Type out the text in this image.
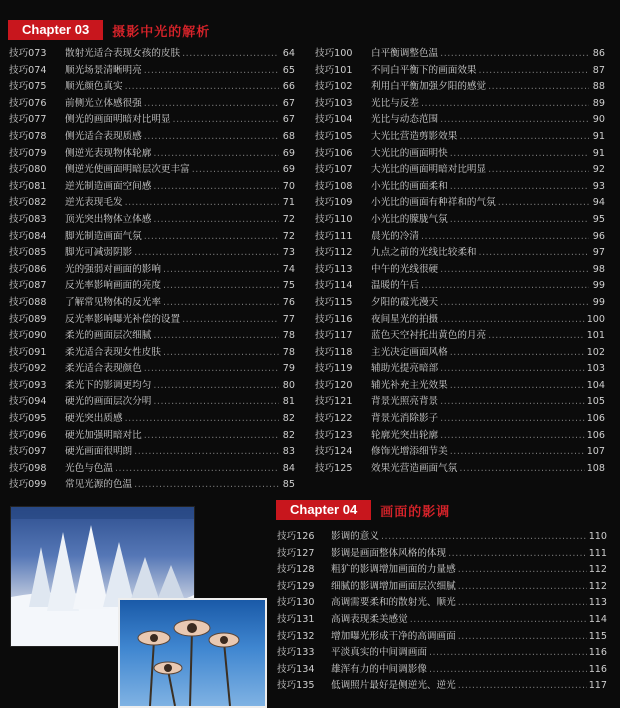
Chapter 03	摄影中光的解析
技巧073	散射光适合表现女孩的皮肤 .....	64
技巧074	顺光场景清晰明亮 .....	65
技巧075	顺光颜色真实 .....	66
技巧076	前侧光立体感很强 .....	67
技巧077	侧光的画面明暗对比明显 .....	67
技巧078	侧光适合表现质感 .....	68
技巧079	侧逆光表现物体轮廓 .....	69
技巧080	侧逆光使画面明暗层次更丰富 .....	69
技巧081	逆光制造画面空间感 .....	70
技巧082	逆光表现毛发 .....	71
技巧083	顶光突出物体立体感 .....	72
技巧084	脚光制造画面气氛 .....	72
技巧085	脚光可减弱阴影 .....	73
技巧086	光的强弱对画面的影响 .....	74
技巧087	反光率影响画面的亮度 .....	75
技巧088	了解常见物体的反光率 .....	76
技巧089	反光率影响曝光补偿的设置 .....	77
技巧090	柔光的画面层次细腻 .....	78
技巧091	柔光适合表现女性皮肤 .....	78
技巧092	柔光适合表现颜色 .....	79
技巧093	柔光下的影调更均匀 .....	80
技巧094	硬光的画面层次分明 .....	81
技巧095	硬光突出质感 .....	82
技巧096	硬光加强明暗对比 .....	82
技巧097	硬光画面很明朗 .....	83
技巧098	光色与色温 .....	84
技巧099	常见光源的色温 .....	85
技巧100	白平衡调整色温 .....	86
技巧101	不同白平衡下的画面效果 .....	87
技巧102	利用白平衡加强夕阳的感觉 .....	88
技巧103	光比与反差 .....	89
技巧104	光比与动态范围 .....	90
技巧105	大光比营造剪影效果 .....	91
技巧106	大光比的画面明快 .....	91
技巧107	大光比的画面明暗对比明显 .....	92
技巧108	小光比的画面柔和 .....	93
技巧109	小光比的画面有种祥和的气氛 .....	94
技巧110	小光比的朦胧气氛 .....	95
技巧111	晨光的冷清 .....	96
技巧112	九点之前的光线比较柔和 .....	97
技巧113	中午的光线很硬 .....	98
技巧114	温暖的午后 .....	99
技巧115	夕阳的霞光漫天 .....	99
技巧116	夜间星光的拍摄 .....	100
技巧117	蓝色天空衬托出黄色的月亮 .....	101
技巧118	主光决定画面风格 .....	102
技巧119	辅助光提亮暗部 .....	103
技巧120	辅光补充主光效果 .....	104
技巧121	背景光照亮背景 .....	105
技巧122	背景光消除影子 .....	106
技巧123	轮廓光突出轮廓 .....	106
技巧124	修饰光增添细节美 .....	107
技巧125	效果光营造画面气氛 .....	108
Chapter 04	画面的影调
技巧126	影调的意义 .....	110
技巧127	影调是画面整体风格的体现 .....	111
技巧128	粗犷的影调增加画面的力量感 .....	112
技巧129	细腻的影调增加画面层次细腻 .....	112
技巧130	高调需要柔和的散射光、顺光 .....	113
技巧131	高调表现柔美感觉 .....	114
技巧132	增加曝光形成干净的高调画面 .....	115
技巧133	平淡真实的中间调画面 .....	116
技巧134	雄浑有力的中间调影像 .....	116
技巧135	低调照片最好是侧逆光、逆光 .....	117
